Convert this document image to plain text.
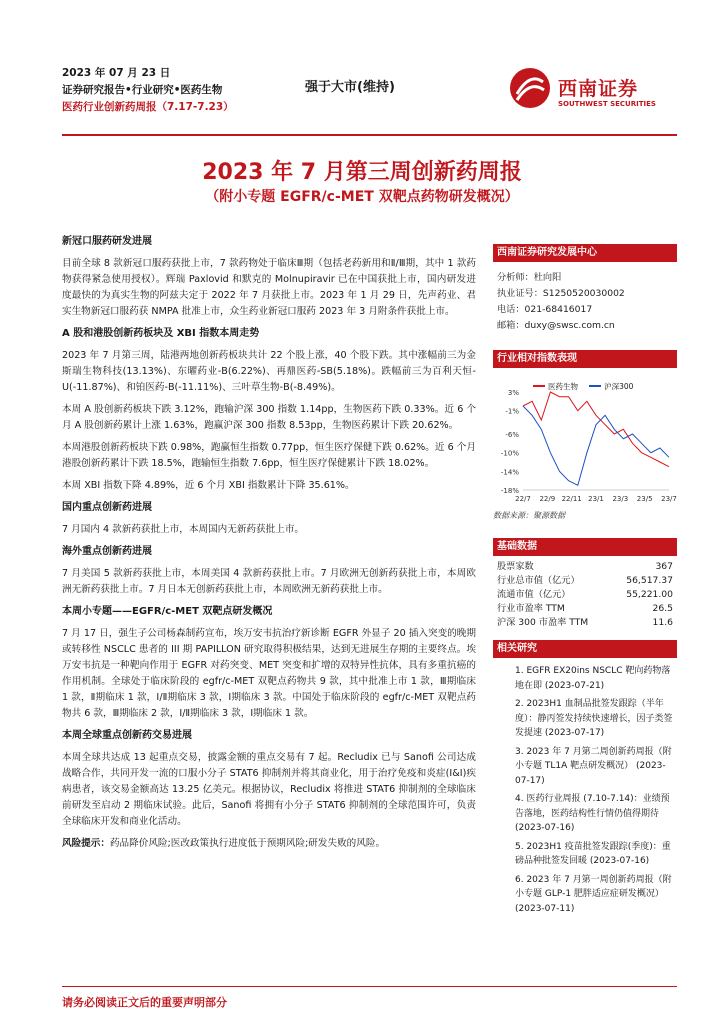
2023 年 07 月 23 日
证券研究报告•行业研究•医药生物
医药行业创新药周报（7.17-7.23）
强于大市(维持)	西南证券
SOUTHWEST SECURITIES
2023 年 7 月第三周创新药周报
（附小专题 EGFR/c-MET 双靶点药物研发概况）
新冠口服药研发进展
目前全球 8 款新冠口服药获批上市，7 款药物处于临床Ⅲ期（包括老药新用和Ⅱ/Ⅲ期，其中 1 款药物获得紧急使用授权）。辉瑞 Paxlovid 和默克的 Molnupiravir 已在中国获批上市，国内研发进度最快的为真实生物的阿兹夫定于 2022 年 7 月获批上市。2023 年 1 月 29 日，先声药业、君实生物新冠口服药获 NMPA 批准上市，众生药业新冠口服药 2023 年 3 月附条件获批上市。
A 股和港股创新药板块及 XBI 指数本周走势
2023 年 7 月第三周，陆港两地创新药板块共计 22 个股上涨，40 个股下跌。其中涨幅前三为金斯瑞生物科技(13.13%)、东曜药业-B(6.22%)、再鼎医药-SB(5.18%)。跌幅前三为百利天恒-U(-11.87%)、和铂医药-B(-11.11%)、三叶草生物-B(-8.49%)。
本周 A 股创新药板块下跌 3.12%，跑输沪深 300 指数 1.14pp，生物医药下跌 0.33%。近 6 个月 A 股创新药累计上涨 1.63%，跑赢沪深 300 指数 8.53pp，生物医药累计下跌 20.62%。
本周港股创新药板块下跌 0.98%，跑赢恒生指数 0.77pp，恒生医疗保健下跌 0.62%。近 6 个月港股创新药累计下跌 18.5%，跑输恒生指数 7.6pp，恒生医疗保健累计下跌 18.02%。
本周 XBI 指数下降 4.89%，近 6 个月 XBI 指数累计下降 35.61%。
国内重点创新药进展
7 月国内 4 款新药获批上市，本周国内无新药获批上市。
海外重点创新药进展
7 月美国 5 款新药获批上市，本周美国 4 款新药获批上市。7 月欧洲无创新药获批上市，本周欧洲无新药获批上市。7 月日本无创新药获批上市，本周欧洲无新药获批上市。
本周小专题——EGFR/c-MET 双靶点研发概况
7 月 17 日，强生子公司杨森制药宣布，埃万安韦抗治疗新诊断 EGFR 外显子 20 插入突变的晚期或转移性 NSCLC 患者的 III 期 PAPILLON 研究取得积极结果，达到无进展生存期的主要终点。埃万安韦抗是一种靶向作用于 EGFR 对药突变、MET 突变和扩增的双特异性抗体，具有多重抗癌的作用机制。全球处于临床阶段的 egfr/c-MET 双靶点药物共 9 款，其中批准上市 1 款，Ⅲ期临床 1 款，Ⅱ期临床 1 款，Ⅰ/Ⅱ期临床 3 款，Ⅰ期临床 3 款。中国处于临床阶段的 egfr/c-MET 双靶点药物共 6 款，Ⅲ期临床 2 款，Ⅰ/Ⅱ期临床 3 款，Ⅰ期临床 1 款。
本周全球重点创新药交易进展
本周全球共达成 13 起重点交易，披露金额的重点交易有 7 起。Recludix 已与 Sanofi 公司达成战略合作，共同开发一流的口服小分子 STAT6 抑制剂并将其商业化，用于治疗免疫和炎症(I&I)疾病患者，该交易金额高达 13.25 亿美元。根据协议，Recludix 将推进 STAT6 抑制剂的全球临床前研发至启动 2 期临床试验。此后，Sanofi 将拥有小分子 STAT6 抑制剂的全球范围许可，负责全球临床开发和商业化活动。
风险提示：药品降价风险;医改政策执行进度低于预期风险;研发失败的风险。
西南证券研究发展中心
分析师：杜向阳
执业证号：S1250520030002
电话：021-68416017
邮箱：duxy@swsc.com.cn
行业相对指数表现
医药生物
	沪深300
3%
-1%
-6%
-10%
-14%
-18%
22/7 22/9 22/11 23/1 23/3 23/5 23/7
数据来源：聚源数据
基础数据
股票家数	367
行业总市值（亿元）	56,517.37
流通市值（亿元）	55,221.00
行业市盈率 TTM	26.5
沪深 300 市盈率 TTM	11.6
相关研究
1. EGFR EX20ins NSCLC 靶向药物落地在即 (2023-07-21)
2. 2023H1 血制品批签发跟踪（半年度）：静丙签发持续快速增长，因子类签发提速 (2023-07-17)
3. 2023 年 7 月第二周创新药周报（附小专题 TL1A 靶点研发概况） (2023-07-17)
4. 医药行业周报 (7.10-7.14)：业绩预告落地，医药结构性行情仍值得期待 (2023-07-16)
5. 2023H1 疫苗批签发跟踪(季度)：重磅品种批签发回暖 (2023-07-16)
6. 2023 年 7 月第一周创新药周报（附小专题 GLP-1 肥胖适应症研发概况） (2023-07-11)
请务必阅读正文后的重要声明部分
